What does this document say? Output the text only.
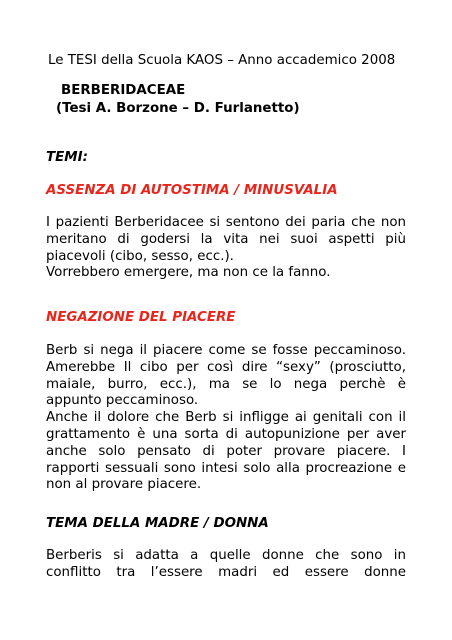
Le TESI della Scuola KAOS – Anno accademico 2008
BERBERIDACEAE
(Tesi A. Borzone – D. Furlanetto)
TEMI:
ASSENZA DI AUTOSTIMA / MINUSVALIA
I pazienti Berberidacee si sentono dei paria che non
meritano di godersi la vita nei suoi aspetti più
piacevoli (cibo, sesso, ecc.).
Vorrebbero emergere, ma non ce la fanno.
NEGAZIONE DEL PIACERE
Berb si nega il piacere come se fosse peccaminoso.
Amerebbe Il cibo per così dire “sexy” (prosciutto,
maiale, burro, ecc.), ma se lo nega perchè è
appunto peccaminoso.
Anche il dolore che Berb si infligge ai genitali con il
grattamento è una sorta di autopunizione per aver
anche solo pensato di poter provare piacere. I
rapporti sessuali sono intesi solo alla procreazione e
non al provare piacere.
TEMA DELLA MADRE / DONNA
Berberis si adatta a quelle donne che sono in
conflitto tra l’essere madri ed essere donne
